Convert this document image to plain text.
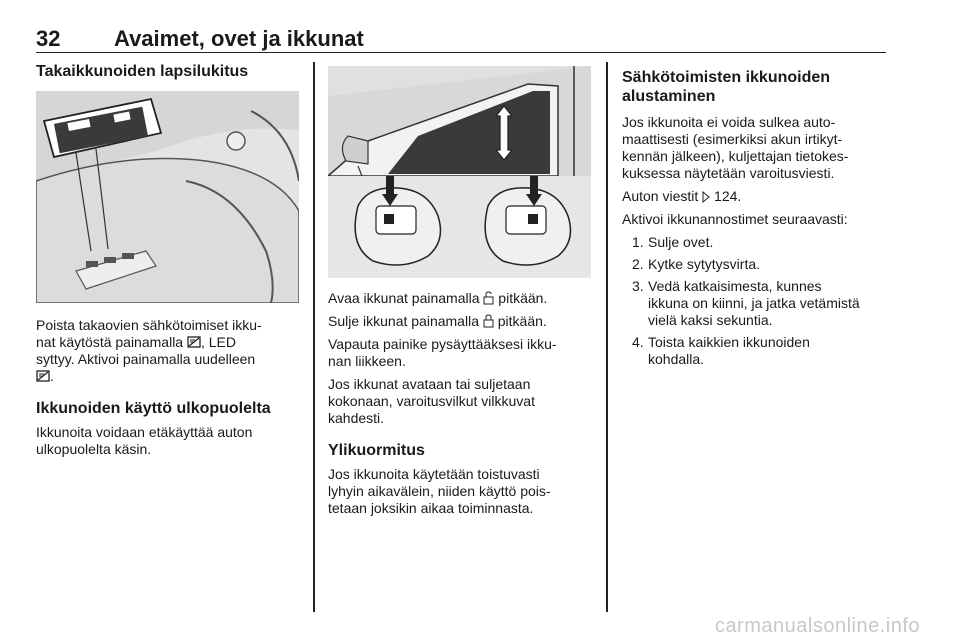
32 Avaimet, ovet ja ikkunat
Takaikkunoiden lapsilukitus

Poista takaovien sähkötoimiset ikku-
nat käytöstä painamalla , LED
syttyy. Aktivoi painamalla uudelleen
.

Ikkunoiden käyttö ulkopuolelta

Ikkunoita voidaan etäkäyttää auton
ulkopuolelta käsin.

Avaa ikkunat painamalla pitkään.

Sulje ikkunat painamalla pitkään.

Vapauta painike pysäyttääksesi ikku-
nan liikkeen.

Jos ikkunat avataan tai suljetaan
kokonaan, varoitusvilkut vilkkuvat
kahdesti.

Ylikuormitus

Jos ikkunoita käytetään toistuvasti
lyhyin aikavälein, niiden käyttö pois-
tetaan joksikin aikaa toiminnasta.

Sähkötoimisten ikkunoiden
alustaminen

Jos ikkunoita ei voida sulkea auto-
maattisesti (esimerkiksi akun irtikyt-
kennän jälkeen), kuljettajan tietokes-
kuksessa näytetään varoitusviesti.

Auton viestit 124.

Aktivoi ikkunannostimet seuraavasti:

1. Sulje ovet.
2. Kytke sytytysvirta.
3. Vedä katkaisimesta, kunnes
ikkuna on kiinni, ja jatka vetämistä
vielä kaksi sekuntia.
4. Toista kaikkien ikkunoiden
kohdalla.
carmanualsonline.info
